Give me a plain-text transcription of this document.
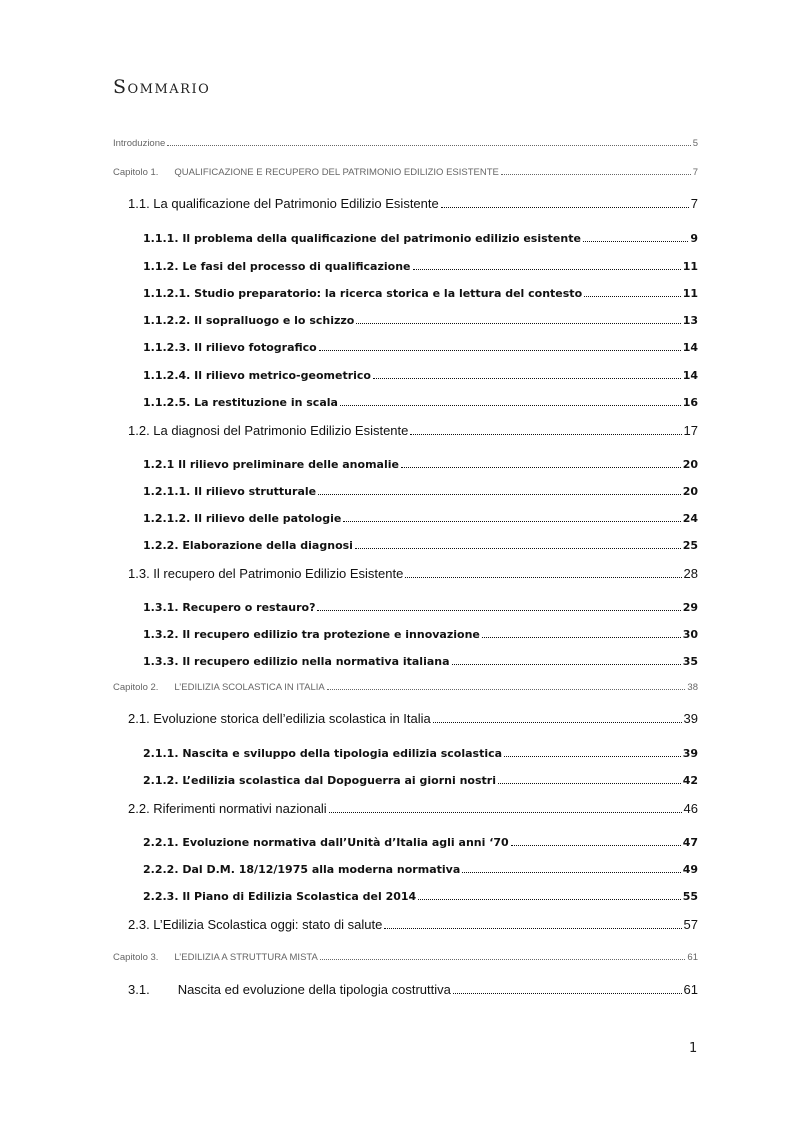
Sommario
Introduzione	5
Capitolo 1. QUALIFICAZIONE E RECUPERO DEL PATRIMONIO EDILIZIO ESISTENTE	7
1.1. La qualificazione del Patrimonio Edilizio Esistente	7
1.1.1. Il problema della qualificazione del patrimonio edilizio esistente	9
1.1.2. Le fasi del processo di qualificazione	11
1.1.2.1. Studio preparatorio: la ricerca storica e la lettura del contesto	11
1.1.2.2. Il sopralluogo e lo schizzo	13
1.1.2.3. Il rilievo fotografico	14
1.1.2.4. Il rilievo metrico-geometrico	14
1.1.2.5. La restituzione in scala	16
1.2. La diagnosi del Patrimonio Edilizio Esistente	17
1.2.1 Il rilievo preliminare delle anomalie	20
1.2.1.1. Il rilievo strutturale	20
1.2.1.2. Il rilievo delle patologie	24
1.2.2. Elaborazione della diagnosi	25
1.3. Il recupero del Patrimonio Edilizio Esistente	28
1.3.1. Recupero o restauro?	29
1.3.2. Il recupero edilizio tra protezione e innovazione	30
1.3.3. Il recupero edilizio nella normativa italiana	35
Capitolo 2. L’EDILIZIA SCOLASTICA IN ITALIA	38
2.1. Evoluzione storica dell’edilizia scolastica in Italia	39
2.1.1. Nascita e sviluppo della tipologia edilizia scolastica	39
2.1.2. L’edilizia scolastica dal Dopoguerra ai giorni nostri	42
2.2. Riferimenti normativi nazionali	46
2.2.1. Evoluzione normativa dall’Unità d’Italia agli anni ‘70	47
2.2.2. Dal D.M. 18/12/1975 alla moderna normativa	49
2.2.3. Il Piano di Edilizia Scolastica del 2014	55
2.3. L’Edilizia Scolastica oggi: stato di salute	57
Capitolo 3. L’EDILIZIA A STRUTTURA MISTA	61
3.1. Nascita ed evoluzione della tipologia costruttiva	61
1
